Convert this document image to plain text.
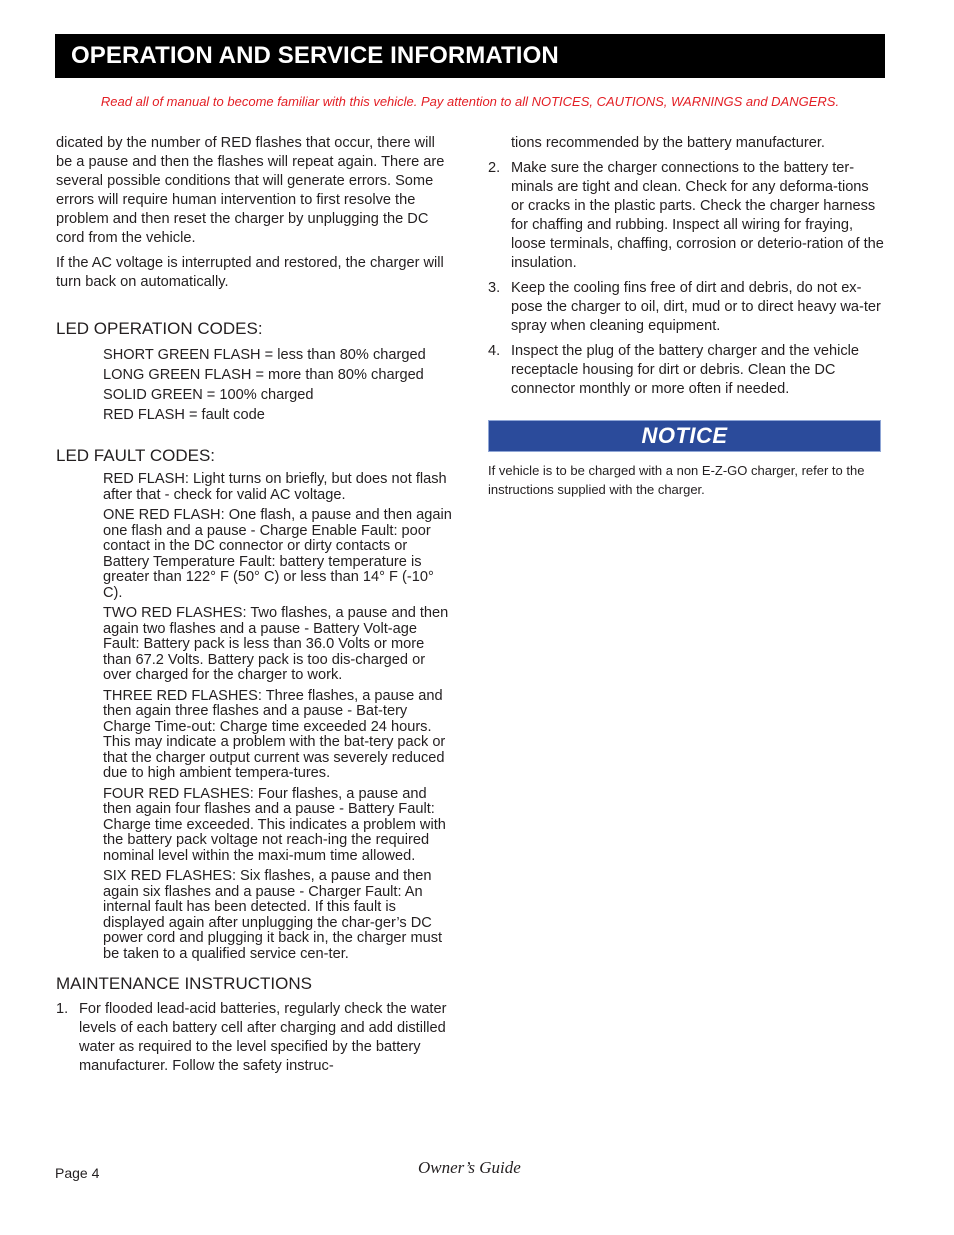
OPERATION AND SERVICE INFORMATION
Read all of manual to become familiar with this vehicle. Pay attention to all NOTICES, CAUTIONS, WARNINGS and DANGERS.

dicated by the number of RED flashes that occur, there will be a pause and then the flashes will repeat again. There are several possible conditions that will generate errors. Some errors will require human intervention to first resolve the problem and then reset the charger by unplugging the DC cord from the vehicle.

If the AC voltage is interrupted and restored, the charger will turn back on automatically.

LED OPERATION CODES:
SHORT GREEN FLASH = less than 80% charged
LONG GREEN FLASH = more than 80% charged
SOLID GREEN = 100% charged
RED FLASH = fault code
LED FAULT CODES:
RED FLASH: Light turns on briefly, but does not flash after that - check for valid AC voltage.
ONE RED FLASH: One flash, a pause and then again one flash and a pause - Charge Enable Fault: poor contact in the DC connector or dirty contacts or Battery Temperature Fault: battery temperature is greater than 122° F (50° C) or less than 14° F (-10° C).
TWO RED FLASHES: Two flashes, a pause and then again two flashes and a pause - Battery Volt-age Fault: Battery pack is less than 36.0 Volts or more than 67.2 Volts. Battery pack is too dis-charged or over charged for the charger to work.
THREE RED FLASHES: Three flashes, a pause and then again three flashes and a pause - Bat-tery Charge Time-out: Charge time exceeded 24 hours. This may indicate a problem with the bat-tery pack or that the charger output current was severely reduced due to high ambient tempera-tures.
FOUR RED FLASHES: Four flashes, a pause and then again four flashes and a pause - Battery Fault: Charge time exceeded. This indicates a problem with the battery pack voltage not reach-ing the required nominal level within the maxi-mum time allowed.
SIX RED FLASHES: Six flashes, a pause and then again six flashes and a pause - Charger Fault: An internal fault has been detected. If this fault is displayed again after unplugging the char-ger’s DC power cord and plugging it back in, the charger must be taken to a qualified service cen-ter.
MAINTENANCE INSTRUCTIONS
1. For flooded lead-acid batteries, regularly check the water levels of each battery cell after charging and add distilled water as required to the level specified by the battery manufacturer. Follow the safety instruc-
tions recommended by the battery manufacturer.
2. Make sure the charger connections to the battery ter-minals are tight and clean. Check for any deforma-tions or cracks in the plastic parts. Check the charger harness for chaffing and rubbing. Inspect all wiring for fraying, loose terminals, chaffing, corrosion or deterio-ration of the insulation.
3. Keep the cooling fins free of dirt and debris, do not ex-pose the charger to oil, dirt, mud or to direct heavy wa-ter spray when cleaning equipment.
4. Inspect the plug of the battery charger and the vehicle receptacle housing for dirt or debris. Clean the DC connector monthly or more often if needed.
NOTICE
If vehicle is to be charged with a non E-Z-GO charger, refer to the instructions supplied with the charger.
Page 4	Owner’s Guide
